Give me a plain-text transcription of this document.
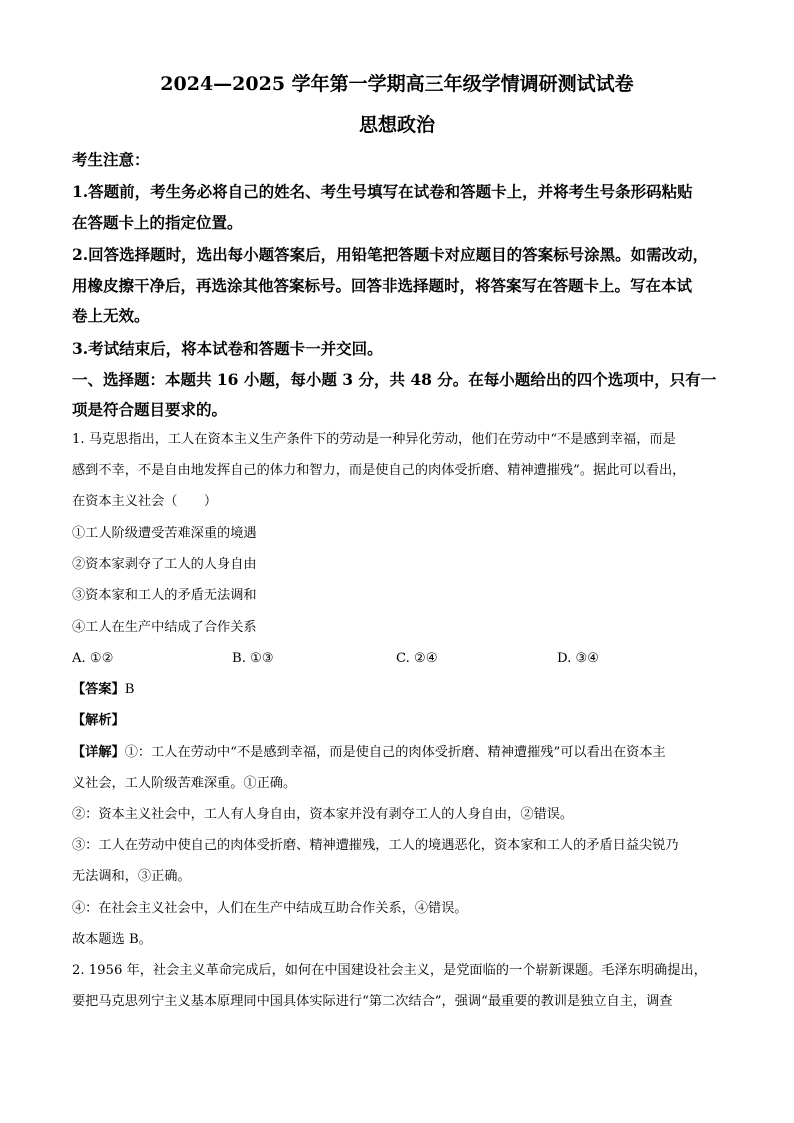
2024—2025 学年第一学期高三年级学情调研测试试卷
思想政治
考生注意：
1.答题前，考生务必将自己的姓名、考生号填写在试卷和答题卡上，并将考生号条形码粘贴
在答题卡上的指定位置。
2.回答选择题时，选出每小题答案后，用铅笔把答题卡对应题目的答案标号涂黑。如需改动，
用橡皮擦干净后，再选涂其他答案标号。回答非选择题时，将答案写在答题卡上。写在本试
卷上无效。
3.考试结束后，将本试卷和答题卡一并交回。
一、选择题：本题共 16 小题，每小题 3 分，共 48 分。在每小题给出的四个选项中，只有一
项是符合题目要求的。
1. 马克思指出，工人在资本主义生产条件下的劳动是一种异化劳动，他们在劳动中“不是感到幸福，而是
感到不幸，不是自由地发挥自己的体力和智力，而是使自己的肉体受折磨、精神遭摧残”。据此可以看出，
在资本主义社会（　　）
①工人阶级遭受苦难深重的境遇
②资本家剥夺了工人的人身自由
③资本家和工人的矛盾无法调和
④工人在生产中结成了合作关系
A. ①②	B. ①③	C. ②④	D. ③④
【答案】B
【解析】
【详解】①：工人在劳动中“不是感到幸福，而是使自己的肉体受折磨、精神遭摧残”可以看出在资本主
义社会，工人阶级苦难深重。①正确。
②：资本主义社会中，工人有人身自由，资本家并没有剥夺工人的人身自由，②错误。
③：工人在劳动中使自己的肉体受折磨、精神遭摧残，工人的境遇恶化，资本家和工人的矛盾日益尖锐乃
无法调和，③正确。
④：在社会主义社会中，人们在生产中结成互助合作关系，④错误。
故本题选 B。
2. 1956 年，社会主义革命完成后，如何在中国建设社会主义，是党面临的一个崭新课题。毛泽东明确提出，
要把马克思列宁主义基本原理同中国具体实际进行“第二次结合”，强调“最重要的教训是独立自主，调查
